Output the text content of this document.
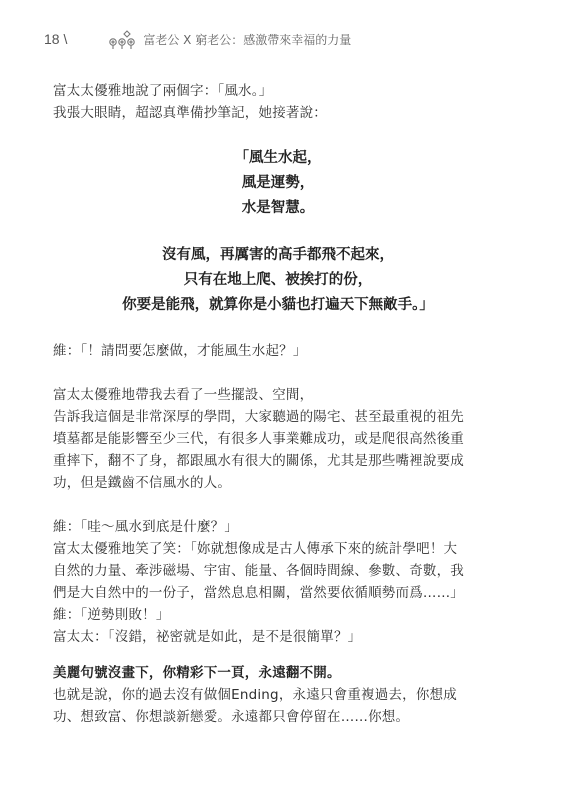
18 \	富老公 X 窮老公：感激帶來幸福的力量

富太太優雅地說了兩個字：「風水。」

我張大眼睛，超認真準備抄筆記，她接著說：

「風生水起，

風是運勢，

水是智慧。

沒有風，再厲害的高手都飛不起來，

只有在地上爬、被挨打的份，

你要是能飛，就算你是小貓也打遍天下無敵手。」

維：「！請問要怎麼做，才能風生水起？」

富太太優雅地帶我去看了一些擺設、空間，

告訴我這個是非常深厚的學問，大家聽過的陽宅、甚至最重視的祖先

墳墓都是能影響至少三代，有很多人事業難成功，或是爬很高然後重

重摔下，翻不了身，都跟風水有很大的關係，尤其是那些嘴裡說要成

功，但是鐵齒不信風水的人。

維：「哇～風水到底是什麼？」

富太太優雅地笑了笑：「妳就想像成是古人傳承下來的統計學吧！大

自然的力量、牽涉磁場、宇宙、能量、各個時間線、參數、奇數，我

們是大自然中的一份子，當然息息相關，當然要依循順勢而爲……」

維：「逆勢則敗！」

富太太：「沒錯，祕密就是如此，是不是很簡單？」

美麗句號沒畫下，你精彩下一頁，永遠翻不開。

也就是說，你的過去沒有做個Ending，永遠只會重複過去，你想成

功、想致富、你想談新戀愛。永遠都只會停留在……你想。
